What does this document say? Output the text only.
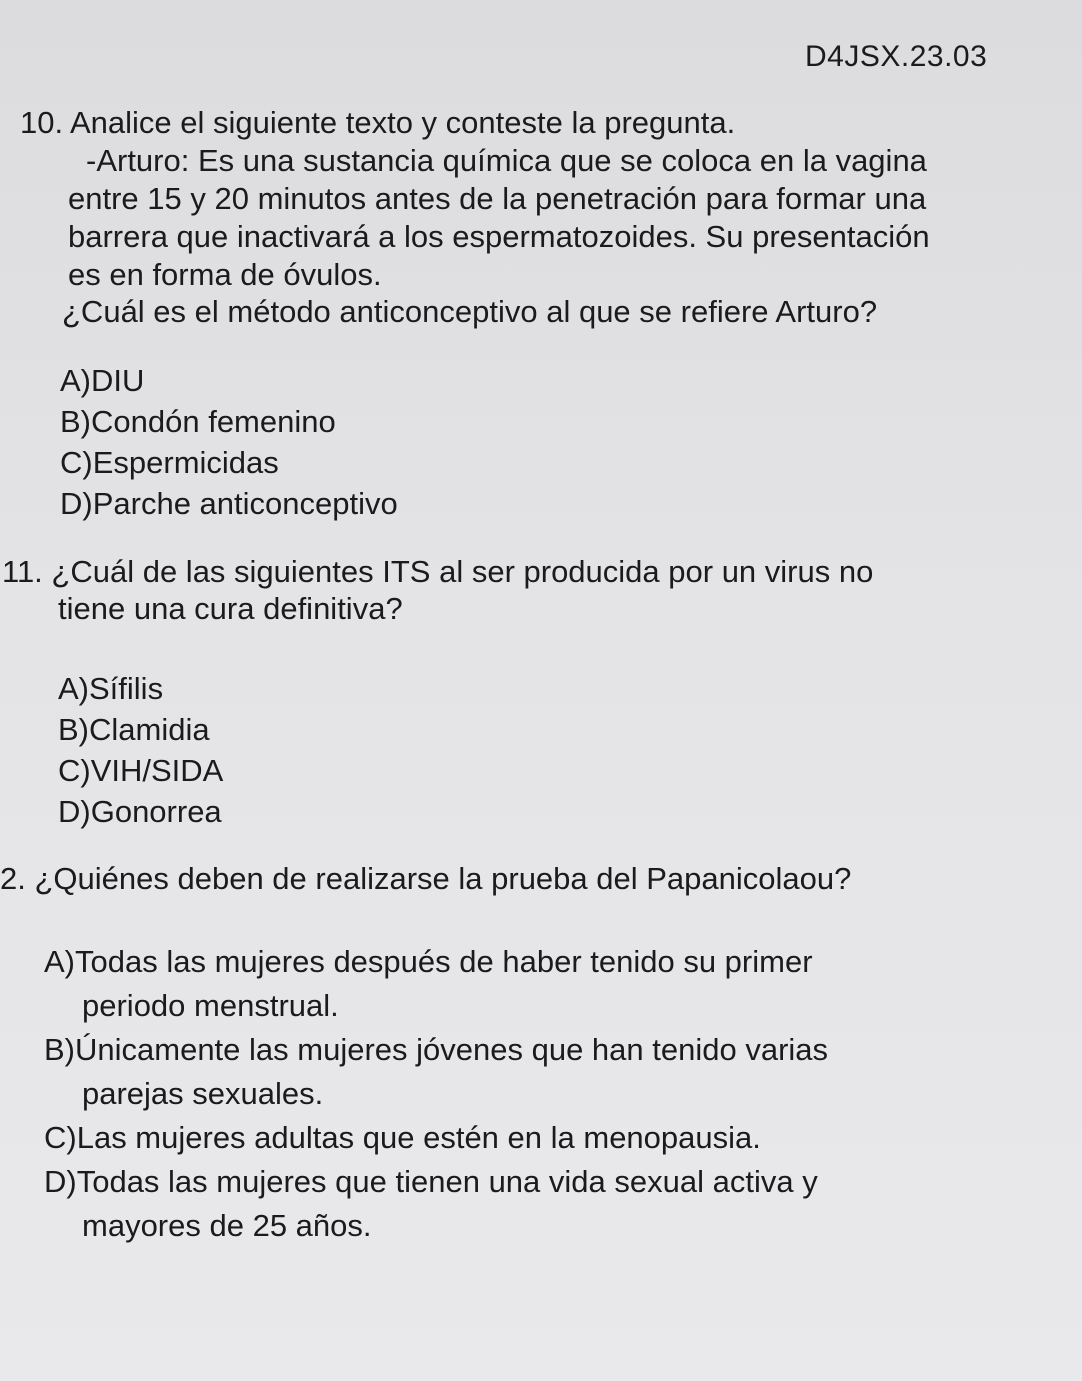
D4JSX.23.03
10. Analice el siguiente texto y conteste la pregunta.
-Arturo: Es una sustancia química que se coloca en la vagina
entre 15 y 20 minutos antes de la penetración para formar una
barrera que inactivará a los espermatozoides. Su presentación
es en forma de óvulos.
¿Cuál es el método anticonceptivo al que se refiere Arturo?
A)DIU
B)Condón femenino
C)Espermicidas
D)Parche anticonceptivo
11. ¿Cuál de las siguientes ITS al ser producida por un virus no
tiene una cura definitiva?
A)Sífilis
B)Clamidia
C)VIH/SIDA
D)Gonorrea
2. ¿Quiénes deben de realizarse la prueba del Papanicolaou?
A)Todas las mujeres después de haber tenido su primer
periodo menstrual.
B)Únicamente las mujeres jóvenes que han tenido varias
parejas sexuales.
C)Las mujeres adultas que estén en la menopausia.
D)Todas las mujeres que tienen una vida sexual activa y
mayores de 25 años.
